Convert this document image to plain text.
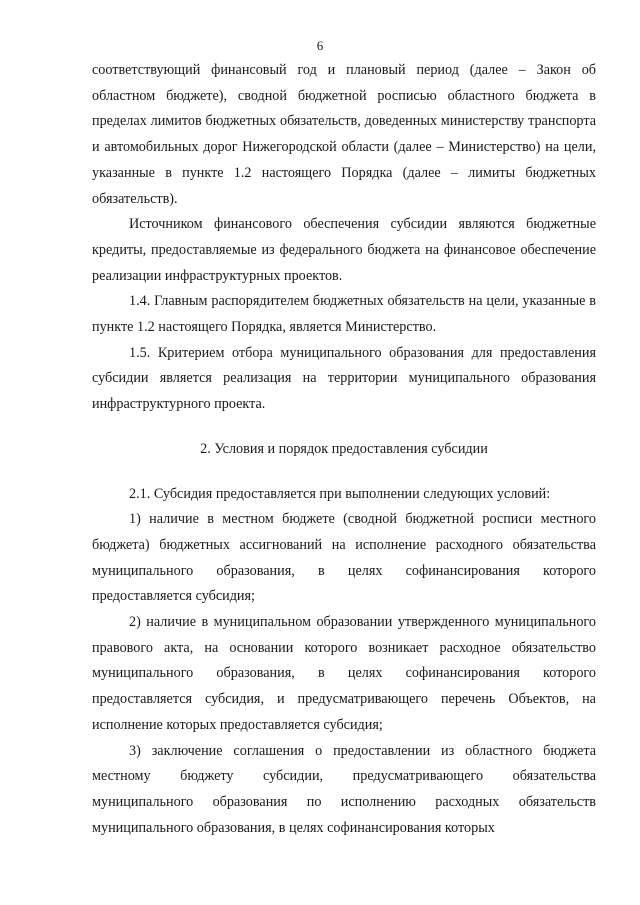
6

соответствующий финансовый год и плановый период (далее – Закон об областном бюджете), сводной бюджетной росписью областного бюджета в пределах лимитов бюджетных обязательств, доведенных министерству транспорта и автомобильных дорог Нижегородской области (далее – Министерство) на цели, указанные в пункте 1.2 настоящего Порядка (далее – лимиты бюджетных обязательств).

Источником финансового обеспечения субсидии являются бюджетные кредиты, предоставляемые из федерального бюджета на финансовое обеспечение реализации инфраструктурных проектов.

1.4. Главным распорядителем бюджетных обязательств на цели, указанные в пункте 1.2 настоящего Порядка, является Министерство.

1.5. Критерием отбора муниципального образования для предоставления субсидии является реализация на территории муниципального образования инфраструктурного проекта.

2. Условия и порядок предоставления субсидии

2.1. Субсидия предоставляется при выполнении следующих условий:

1) наличие в местном бюджете (сводной бюджетной росписи местного бюджета) бюджетных ассигнований на исполнение расходного обязательства муниципального образования, в целях софинансирования которого предоставляется субсидия;

2) наличие в муниципальном образовании утвержденного муниципального правового акта, на основании которого возникает расходное обязательство муниципального образования, в целях софинансирования которого предоставляется субсидия, и предусматривающего перечень Объектов, на исполнение которых предоставляется субсидия;

3) заключение соглашения о предоставлении из областного бюджета местному бюджету субсидии, предусматривающего обязательства муниципального образования по исполнению расходных обязательств муниципального образования, в целях софинансирования которых
